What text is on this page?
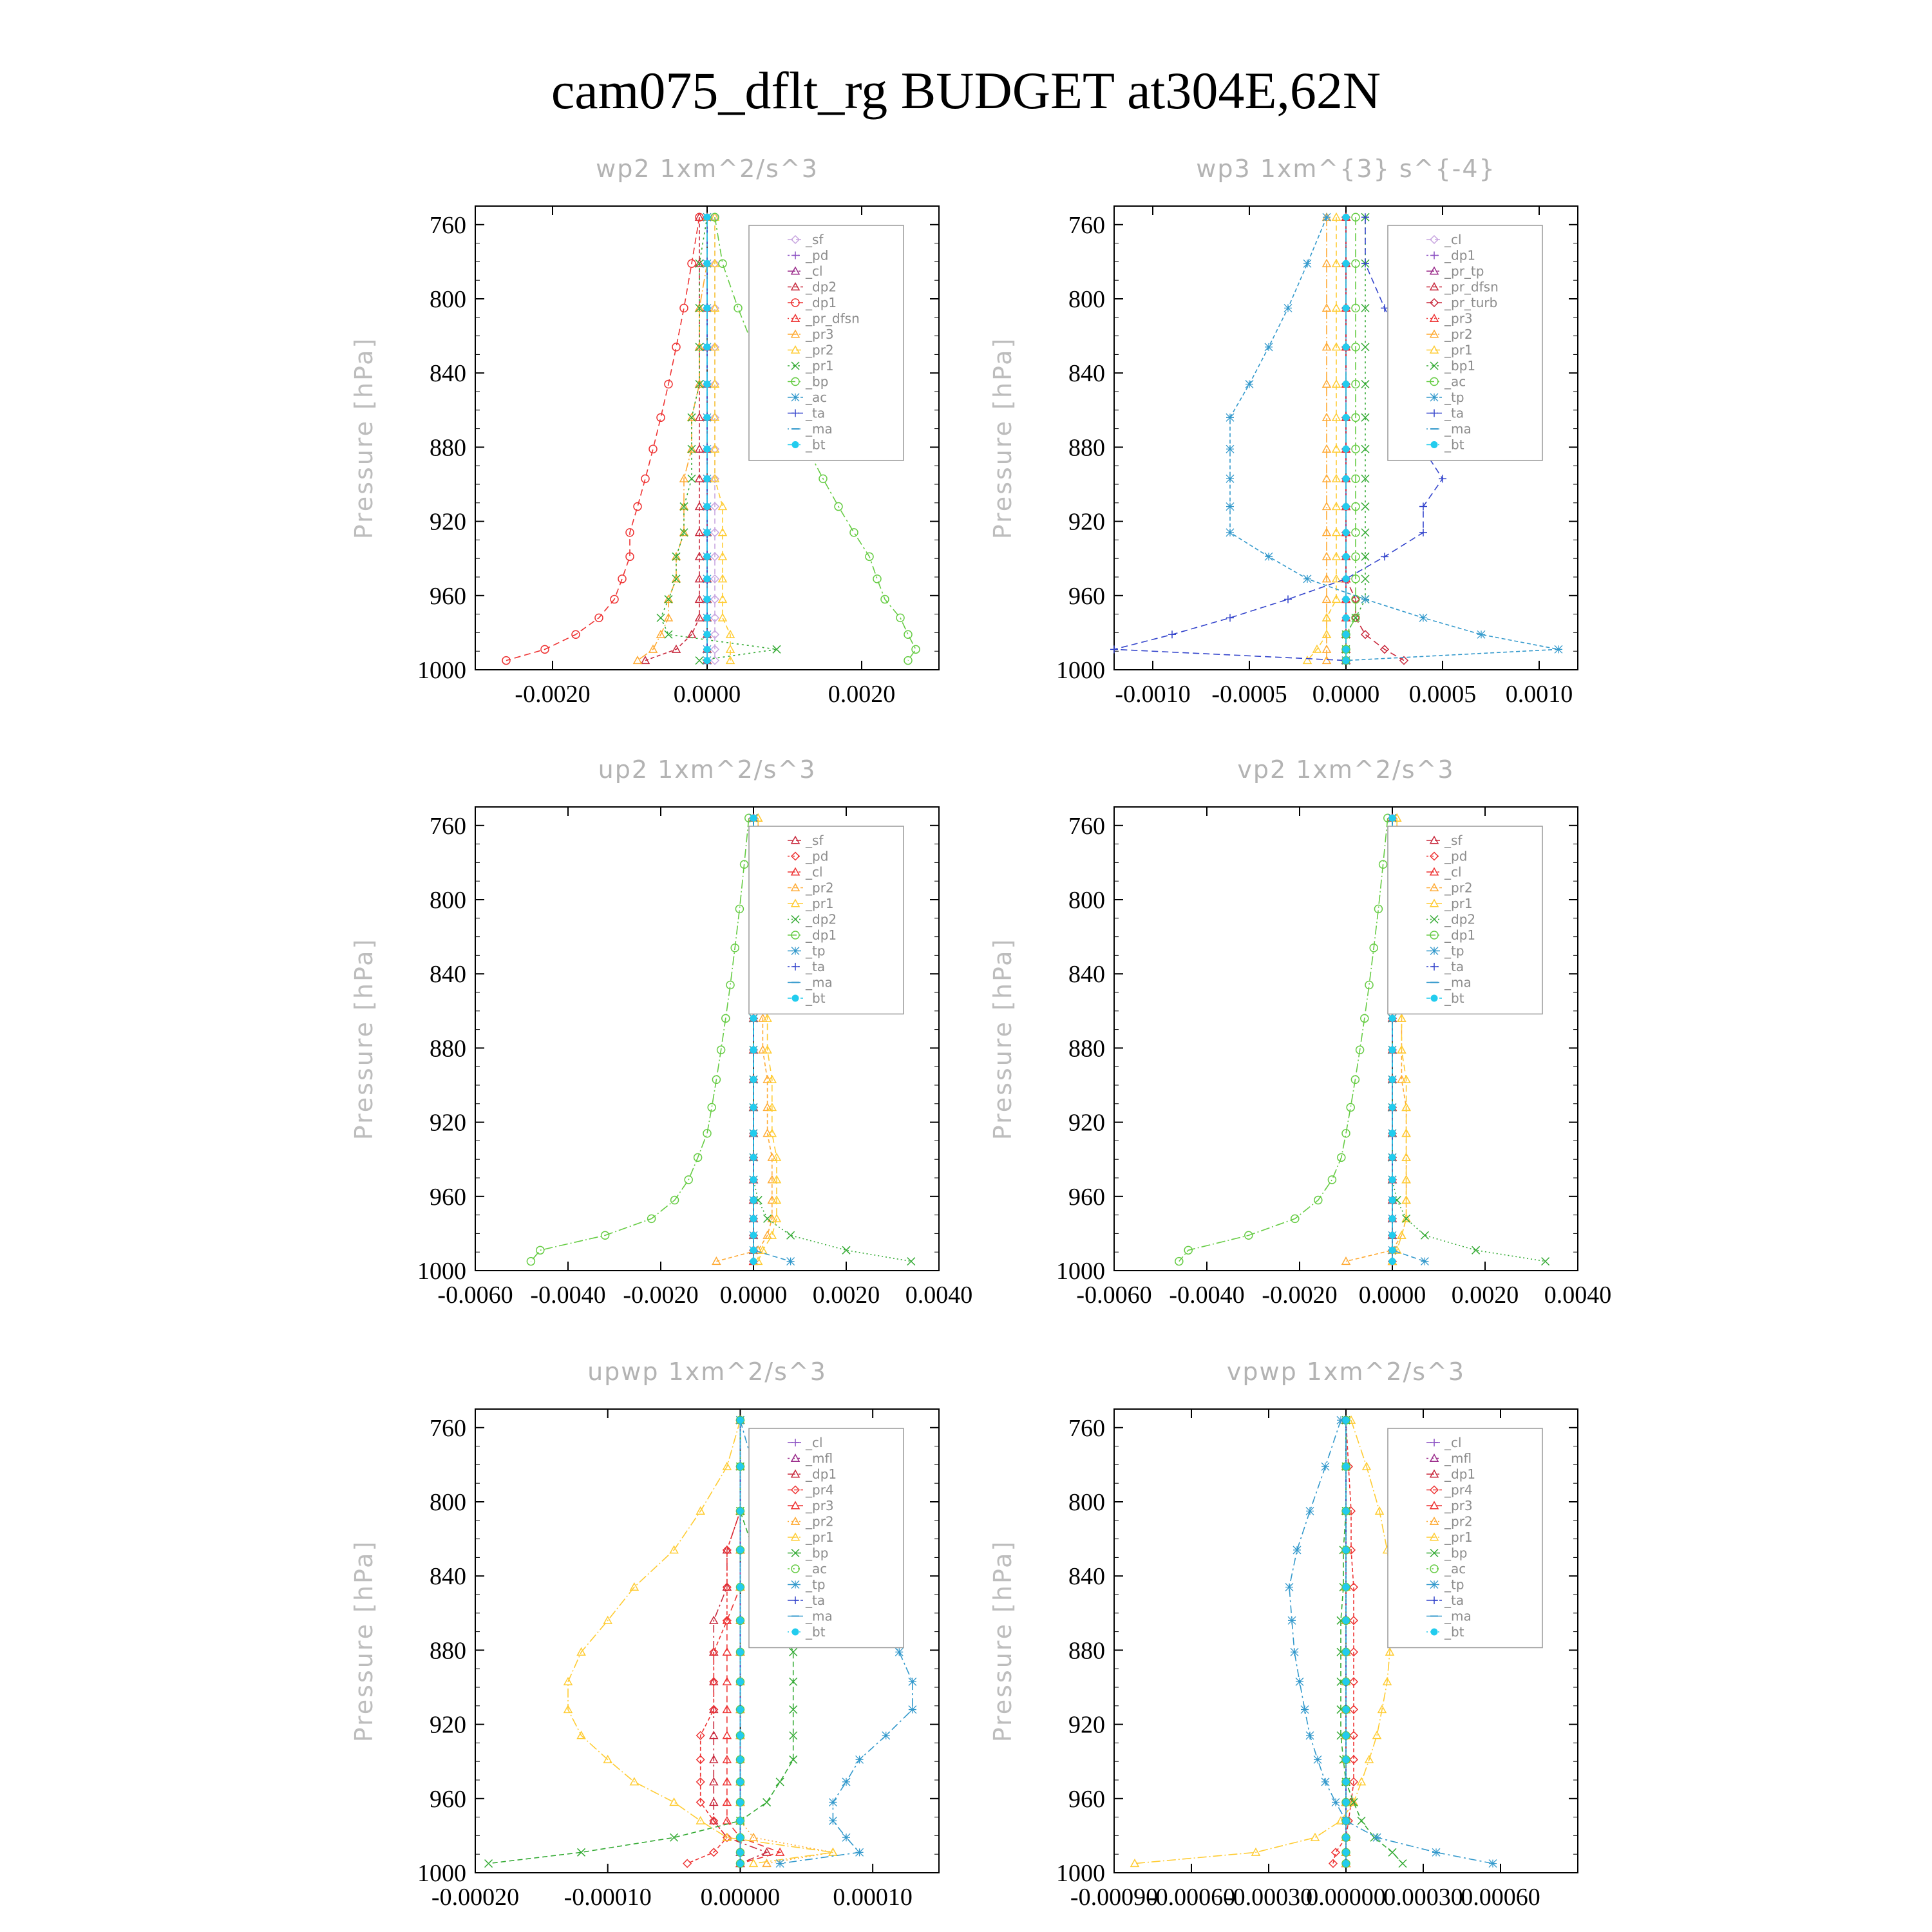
cam075_dflt_rg BUDGET at304E,62N
wp2 1xm^2/s^3
Pressure [hPa]
760
800
840
880
920
960
1000
-0.0020	0.0000	0.0020
_sf
_pd
_cl
_dp2
_dp1
_pr_dfsn
_pr3
_pr2
_pr1
_bp
_ac
_ta
_ma
_bt
wp3 1xm^{3} s^{-4}
Pressure [hPa]
760
800
840
880
920
960
1000
-0.0010 -0.0005 0.0000 0.0005 0.0010
_cl
_dp1
_pr_tp
_pr_dfsn
_pr_turb
_pr3
_pr2
_pr1
_bp1
_ac
_tp
_ta
_ma
_bt
up2 1xm^2/s^3
Pressure [hPa]
760
800
840
880
920
960
1000
-0.0060 -0.0040 -0.0020 0.0000 0.0020 0.0040
_sf
_pd
_cl
_pr2
_pr1
_dp2
_dp1
_tp
_ta
_ma
_bt
vp2 1xm^2/s^3
Pressure [hPa]
760
800
840
880
920
960
1000
-0.0060 -0.0040 -0.0020 0.0000 0.0020 0.0040
_sf
_pd
_cl
_pr2
_pr1
_dp2
_dp1
_tp
_ta
_ma
_bt
upwp 1xm^2/s^3
Pressure [hPa]
760
800
840
880
920
960
1000
-0.00020 -0.00010 0.00000 0.00010
_cl
_mfl
_dp1
_pr4
_pr3
_pr2
_pr1
_bp
_ac
_tp
_ta
_ma
_bt
vpwp 1xm^2/s^3
Pressure [hPa]
760
800
840
880
920
960
1000
-0.00090
-0.00060
-0.00030
0.00000
0.00030
0.00060
_cl
_mfl
_dp1
_pr4
_pr3
_pr2
_pr1
_bp
_ac
_tp
_ta
_ma
_bt
